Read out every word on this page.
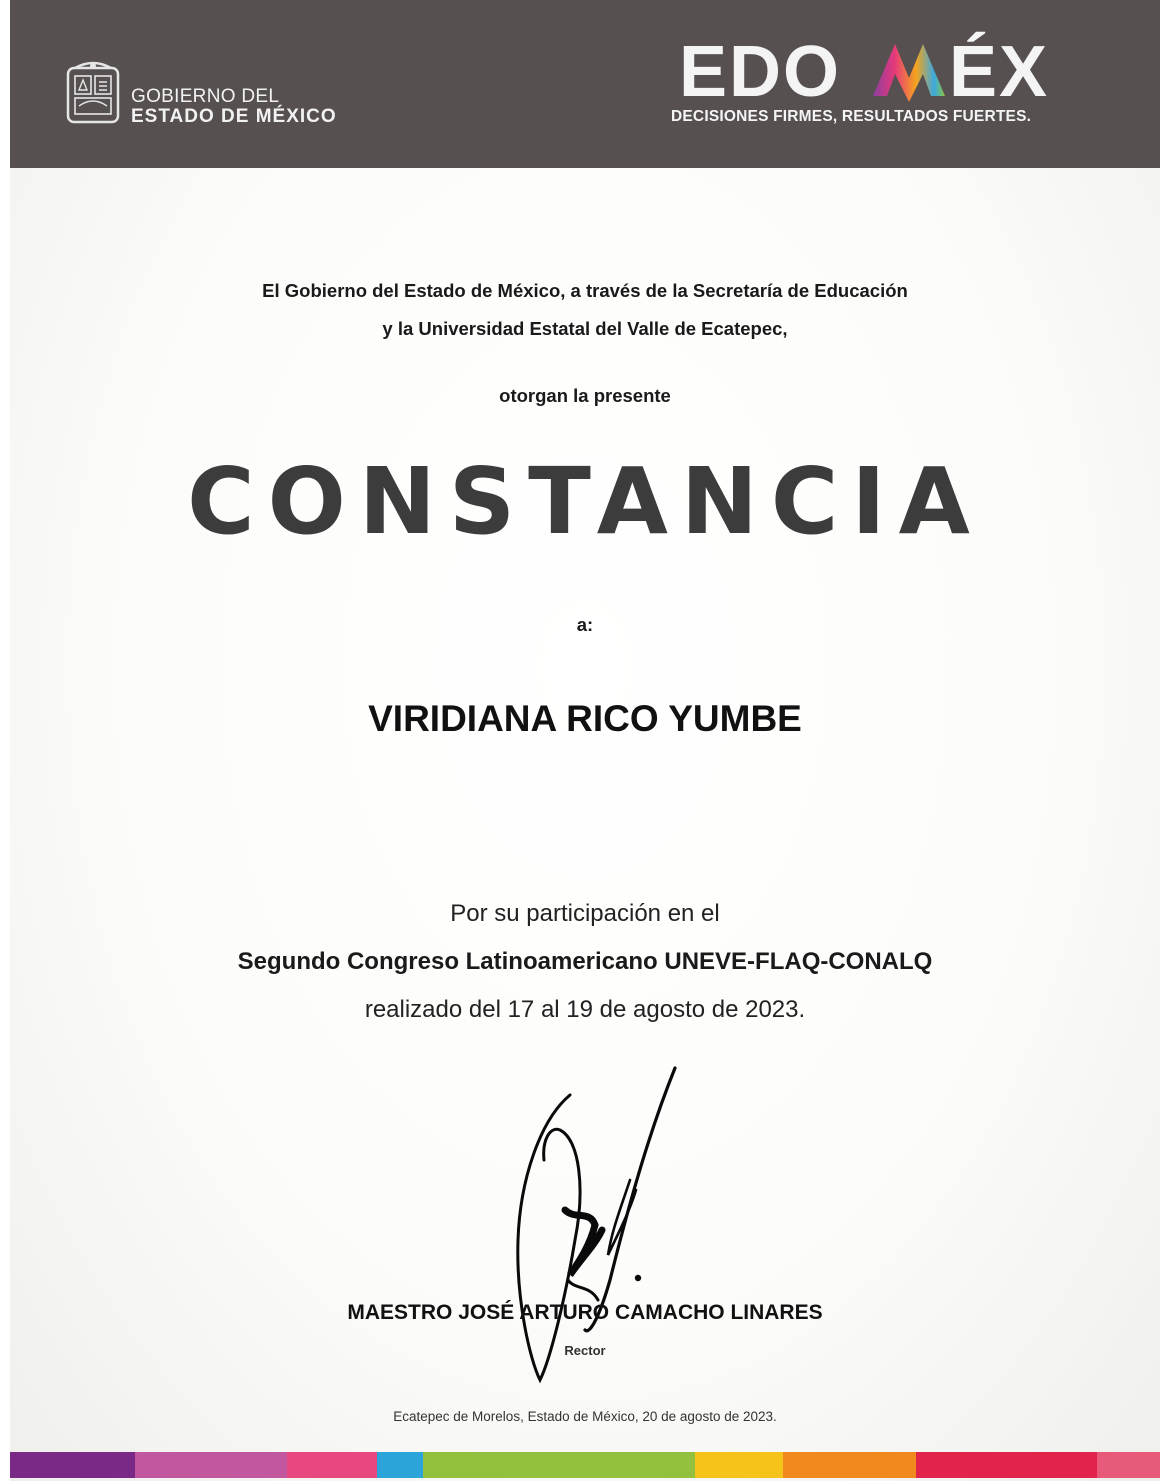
GOBIERNO DEL
ESTADO DE MÉXICO
EDO ÉX
DECISIONES FIRMES, RESULTADOS FUERTES.
El Gobierno del Estado de México, a través de la Secretaría de Educación
y la Universidad Estatal del Valle de Ecatepec,
otorgan la presente
CONSTANCIA
a:
VIRIDIANA RICO YUMBE
Por su participación en el
Segundo Congreso Latinoamericano UNEVE-FLAQ-CONALQ
realizado del 17 al 19 de agosto de 2023.
MAESTRO JOSÉ ARTURO CAMACHO LINARES
Rector
Ecatepec de Morelos, Estado de México, 20 de agosto de 2023.
